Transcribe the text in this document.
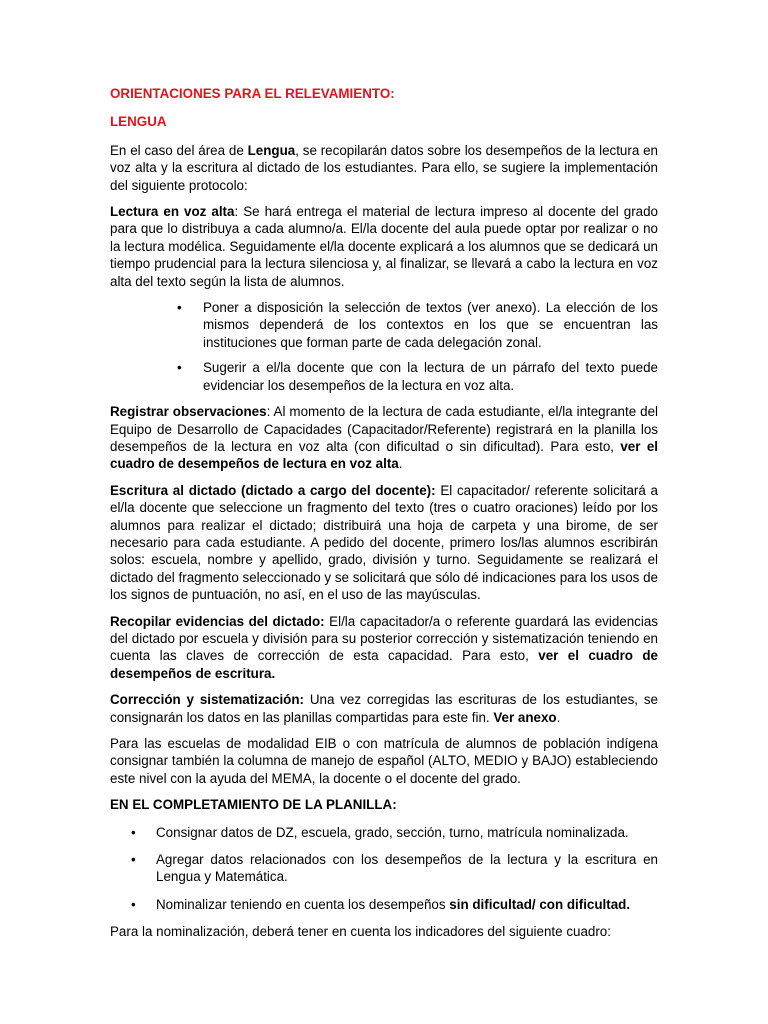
ORIENTACIONES PARA EL RELEVAMIENTO:

LENGUA

En el caso del área de Lengua, se recopilarán datos sobre los desempeños de la lectura en voz alta y la escritura al dictado de los estudiantes. Para ello, se sugiere la implementación del siguiente protocolo:

Lectura en voz alta: Se hará entrega el material de lectura impreso al docente del grado para que lo distribuya a cada alumno/a. El/la docente del aula puede optar por realizar o no la lectura modélica. Seguidamente el/la docente explicará a los alumnos que se dedicará un tiempo prudencial para la lectura silenciosa y, al finalizar, se llevará a cabo la lectura en voz alta del texto según la lista de alumnos.

• Poner a disposición la selección de textos (ver anexo). La elección de los mismos dependerá de los contextos en los que se encuentran las instituciones que forman parte de cada delegación zonal.
• Sugerir a el/la docente que con la lectura de un párrafo del texto puede evidenciar los desempeños de la lectura en voz alta.

Registrar observaciones: Al momento de la lectura de cada estudiante, el/la integrante del Equipo de Desarrollo de Capacidades (Capacitador/Referente) registrará en la planilla los desempeños de la lectura en voz alta (con dificultad o sin dificultad). Para esto, ver el cuadro de desempeños de lectura en voz alta.

Escritura al dictado (dictado a cargo del docente): El capacitador/ referente solicitará a el/la docente que seleccione un fragmento del texto (tres o cuatro oraciones) leído por los alumnos para realizar el dictado; distribuirá una hoja de carpeta y una birome, de ser necesario para cada estudiante. A pedido del docente, primero los/las alumnos escribirán solos: escuela, nombre y apellido, grado, división y turno. Seguidamente se realizará el dictado del fragmento seleccionado y se solicitará que sólo dé indicaciones para los usos de los signos de puntuación, no así, en el uso de las mayúsculas.

Recopilar evidencias del dictado: El/la capacitador/a o referente guardará las evidencias del dictado por escuela y división para su posterior corrección y sistematización teniendo en cuenta las claves de corrección de esta capacidad. Para esto, ver el cuadro de desempeños de escritura.

Corrección y sistematización: Una vez corregidas las escrituras de los estudiantes, se consignarán los datos en las planillas compartidas para este fin. Ver anexo.

Para las escuelas de modalidad EIB o con matrícula de alumnos de población indígena consignar también la columna de manejo de español (ALTO, MEDIO y BAJO) estableciendo este nivel con la ayuda del MEMA, la docente o el docente del grado.

EN EL COMPLETAMIENTO DE LA PLANILLA:

• Consignar datos de DZ, escuela, grado, sección, turno, matrícula nominalizada.
• Agregar datos relacionados con los desempeños de la lectura y la escritura en Lengua y Matemática.
• Nominalizar teniendo en cuenta los desempeños sin dificultad/ con dificultad.

Para la nominalización, deberá tener en cuenta los indicadores del siguiente cuadro:
